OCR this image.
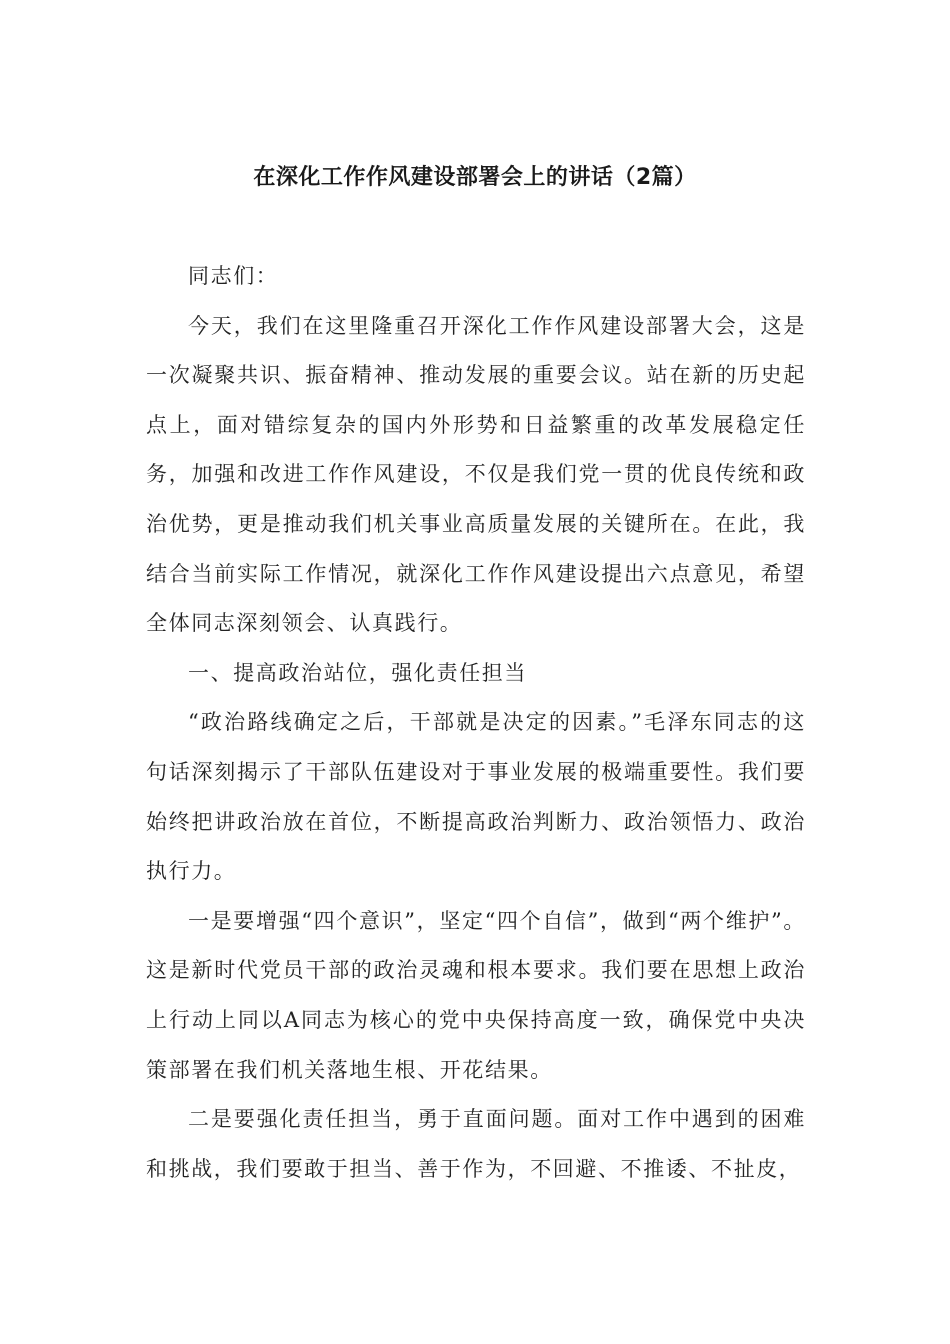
在深化工作作风建设部署会上的讲话（2篇）

同志们：

今天，我们在这里隆重召开深化工作作风建设部署大会，这是一次凝聚共识、振奋精神、推动发展的重要会议。站在新的历史起点上，面对错综复杂的国内外形势和日益繁重的改革发展稳定任务，加强和改进工作作风建设，不仅是我们党一贯的优良传统和政治优势，更是推动我们机关事业高质量发展的关键所在。在此，我结合当前实际工作情况，就深化工作作风建设提出六点意见，希望全体同志深刻领会、认真践行。

一、提高政治站位，强化责任担当

“政治路线确定之后，干部就是决定的因素。”毛泽东同志的这句话深刻揭示了干部队伍建设对于事业发展的极端重要性。我们要始终把讲政治放在首位，不断提高政治判断力、政治领悟力、政治执行力。

一是要增强“四个意识”，坚定“四个自信”，做到“两个维护”。这是新时代党员干部的政治灵魂和根本要求。我们要在思想上政治上行动上同以A同志为核心的党中央保持高度一致，确保党中央决策部署在我们机关落地生根、开花结果。

二是要强化责任担当，勇于直面问题。面对工作中遇到的困难和挑战，我们要敢于担当、善于作为，不回避、不推诿、不扯皮，
